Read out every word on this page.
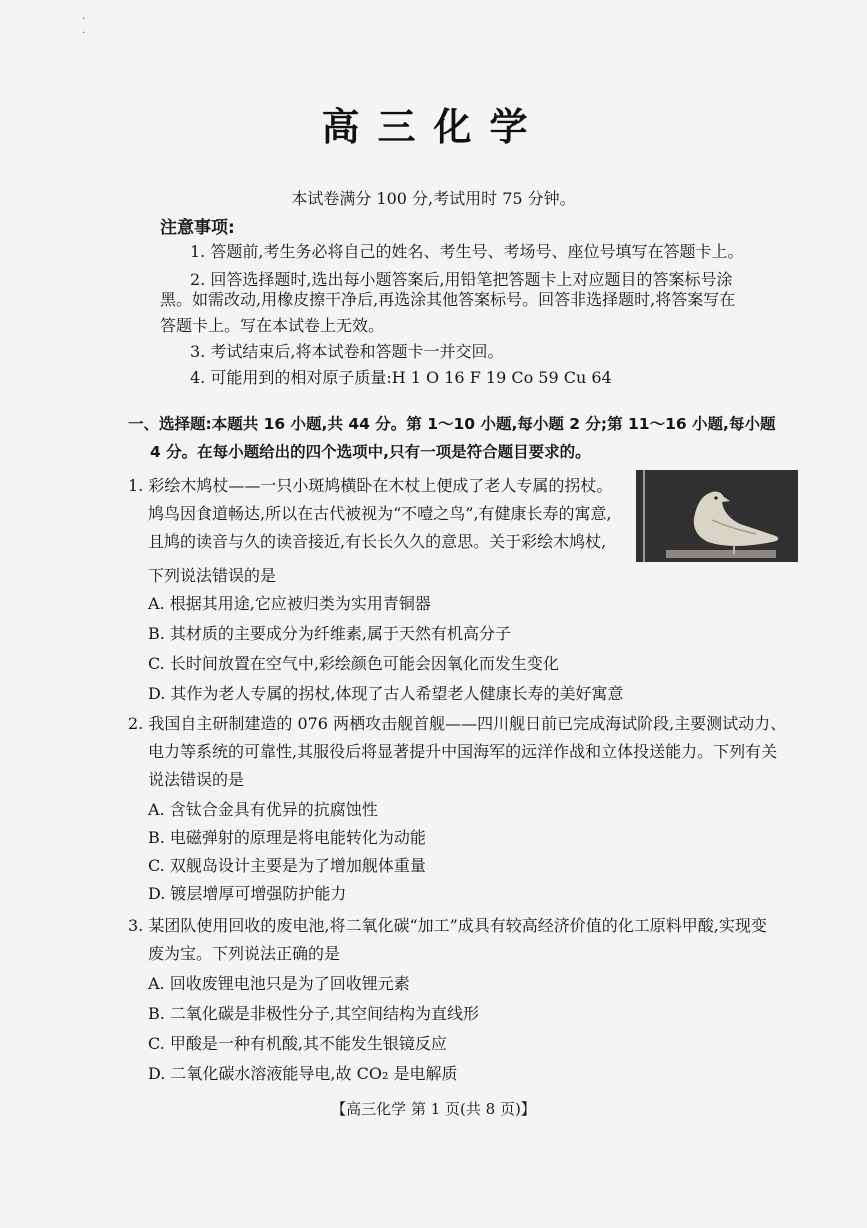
·
·
高三化学
本试卷满分 100 分,考试用时 75 分钟。
注意事项:
1. 答题前,考生务必将自己的姓名、考生号、考场号、座位号填写在答题卡上。
2. 回答选择题时,选出每小题答案后,用铅笔把答题卡上对应题目的答案标号涂
黑。如需改动,用橡皮擦干净后,再选涂其他答案标号。回答非选择题时,将答案写在
答题卡上。写在本试卷上无效。
3. 考试结束后,将本试卷和答题卡一并交回。
4. 可能用到的相对原子质量:H 1 O 16 F 19 Co 59 Cu 64
一、选择题:本题共 16 小题,共 44 分。第 1～10 小题,每小题 2 分;第 11～16 小题,每小题
4 分。在每小题给出的四个选项中,只有一项是符合题目要求的。
1. 彩绘木鸠杖——一只小斑鸠横卧在木杖上便成了老人专属的拐杖。
鸠鸟因食道畅达,所以在古代被视为“不噎之鸟”,有健康长寿的寓意,
且鸠的读音与久的读音接近,有长长久久的意思。关于彩绘木鸠杖,
下列说法错误的是
A. 根据其用途,它应被归类为实用青铜器
B. 其材质的主要成分为纤维素,属于天然有机高分子
C. 长时间放置在空气中,彩绘颜色可能会因氧化而发生变化
D. 其作为老人专属的拐杖,体现了古人希望老人健康长寿的美好寓意
2. 我国自主研制建造的 076 两栖攻击舰首舰——四川舰日前已完成海试阶段,主要测试动力、
电力等系统的可靠性,其服役后将显著提升中国海军的远洋作战和立体投送能力。下列有关
说法错误的是
A. 含钛合金具有优异的抗腐蚀性
B. 电磁弹射的原理是将电能转化为动能
C. 双舰岛设计主要是为了增加舰体重量
D. 镀层增厚可增强防护能力
3. 某团队使用回收的废电池,将二氧化碳“加工”成具有较高经济价值的化工原料甲酸,实现变
废为宝。下列说法正确的是
A. 回收废锂电池只是为了回收锂元素
B. 二氧化碳是非极性分子,其空间结构为直线形
C. 甲酸是一种有机酸,其不能发生银镜反应
D. 二氧化碳水溶液能导电,故 CO₂ 是电解质
【高三化学 第 1 页(共 8 页)】
